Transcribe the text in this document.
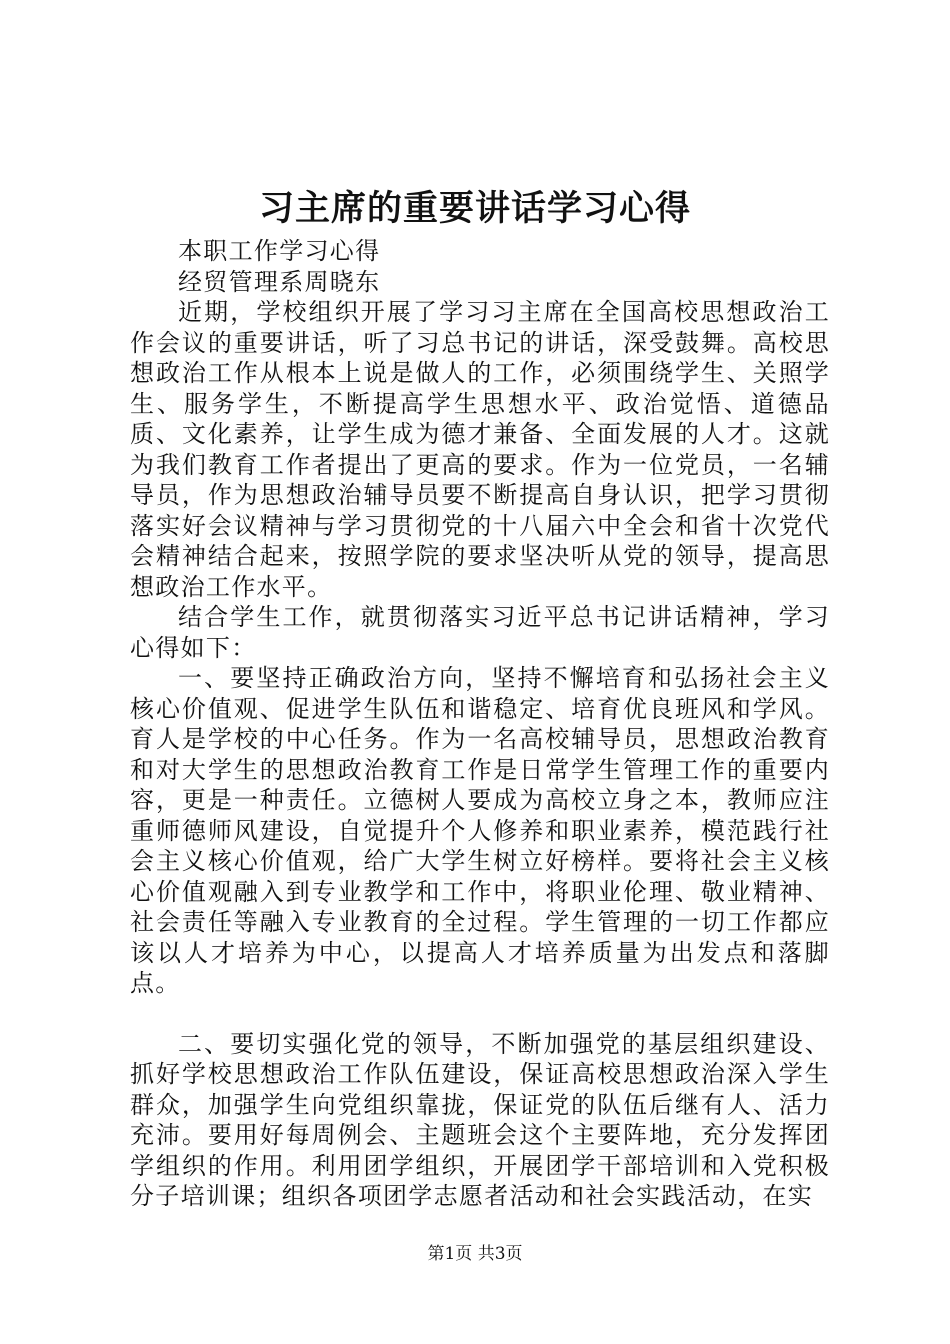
习主席的重要讲话学习心得

本职工作学习心得

经贸管理系周晓东

近期，学校组织开展了学习习主席在全国高校思想政治工作会议的重要讲话，听了习总书记的讲话，深受鼓舞。高校思想政治工作从根本上说是做人的工作，必须围绕学生、关照学生、服务学生，不断提高学生思想水平、政治觉悟、道德品质、文化素养，让学生成为德才兼备、全面发展的人才。这就为我们教育工作者提出了更高的要求。作为一位党员，一名辅导员，作为思想政治辅导员要不断提高自身认识，把学习贯彻落实好会议精神与学习贯彻党的十八届六中全会和省十次党代会精神结合起来，按照学院的要求坚决听从党的领导，提高思想政治工作水平。

结合学生工作，就贯彻落实习近平总书记讲话精神，学习心得如下：

一、要坚持正确政治方向，坚持不懈培育和弘扬社会主义核心价值观、促进学生队伍和谐稳定、培育优良班风和学风。育人是学校的中心任务。作为一名高校辅导员，思想政治教育和对大学生的思想政治教育工作是日常学生管理工作的重要内容，更是一种责任。立德树人要成为高校立身之本，教师应注重师德师风建设，自觉提升个人修养和职业素养，模范践行社会主义核心价值观，给广大学生树立好榜样。要将社会主义核心价值观融入到专业教学和工作中，将职业伦理、敬业精神、社会责任等融入专业教育的全过程。学生管理的一切工作都应该以人才培养为中心，以提高人才培养质量为出发点和落脚点。

二、要切实强化党的领导，不断加强党的基层组织建设、抓好学校思想政治工作队伍建设，保证高校思想政治深入学生群众，加强学生向党组织靠拢，保证党的队伍后继有人、活力充沛。要用好每周例会、主题班会这个主要阵地，充分发挥团学组织的作用。利用团学组织，开展团学干部培训和入党积极分子培训课；组织各项团学志愿者活动和社会实践活动，在实

第1页 共3页
